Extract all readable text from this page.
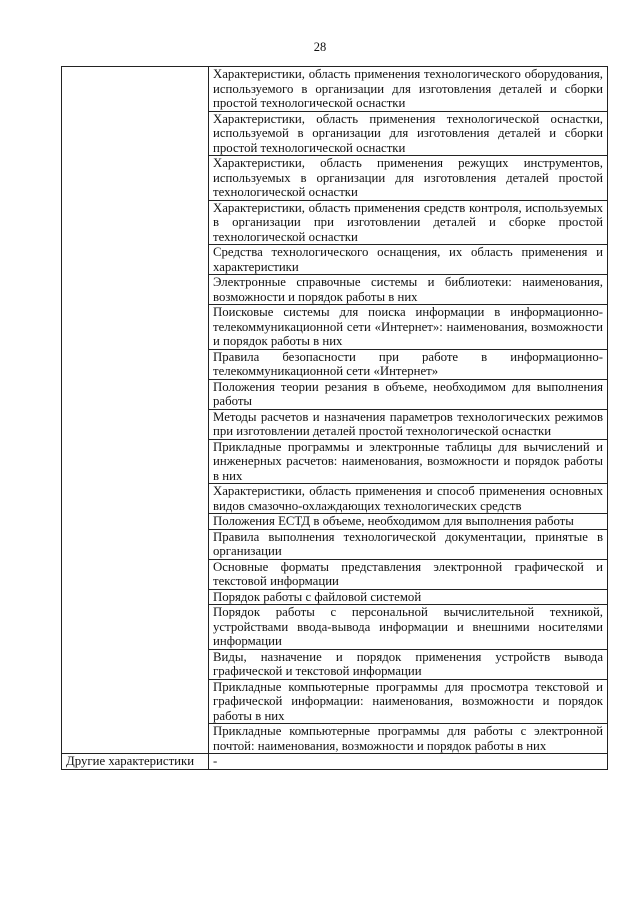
28
	Характеристики, область применения технологического оборудования, используемого в организации для изготовления деталей и сборки простой технологической оснастки
	Характеристики, область применения технологической оснастки, используемой в организации для изготовления деталей и сборки простой технологической оснастки
	Характеристики, область применения режущих инструментов, используемых в организации для изготовления деталей простой технологической оснастки
	Характеристики, область применения средств контроля, используемых в организации при изготовлении деталей и сборке простой технологической оснастки
	Средства технологического оснащения, их область применения и характеристики
	Электронные справочные системы и библиотеки: наименования, возможности и порядок работы в них
	Поисковые системы для поиска информации в информационно-телекоммуникационной сети «Интернет»: наименования, возможности и порядок работы в них
	Правила безопасности при работе в информационно-телекоммуникационной сети «Интернет»
	Положения теории резания в объеме, необходимом для выполнения работы
	Методы расчетов и назначения параметров технологических режимов при изготовлении деталей простой технологической оснастки
	Прикладные программы и электронные таблицы для вычислений и инженерных расчетов: наименования, возможности и порядок работы в них
	Характеристики, область применения и способ применения основных видов смазочно-охлаждающих технологических средств
	Положения ЕСТД в объеме, необходимом для выполнения работы
	Правила выполнения технологической документации, принятые в организации
	Основные форматы представления электронной графической и текстовой информации
	Порядок работы с файловой системой
	Порядок работы с персональной вычислительной техникой, устройствами ввода-вывода информации и внешними носителями информации
	Виды, назначение и порядок применения устройств вывода графической и текстовой информации
	Прикладные компьютерные программы для просмотра текстовой и графической информации: наименования, возможности и порядок работы в них
	Прикладные компьютерные программы для работы с электронной почтой: наименования, возможности и порядок работы в них
Другие характеристики	-
